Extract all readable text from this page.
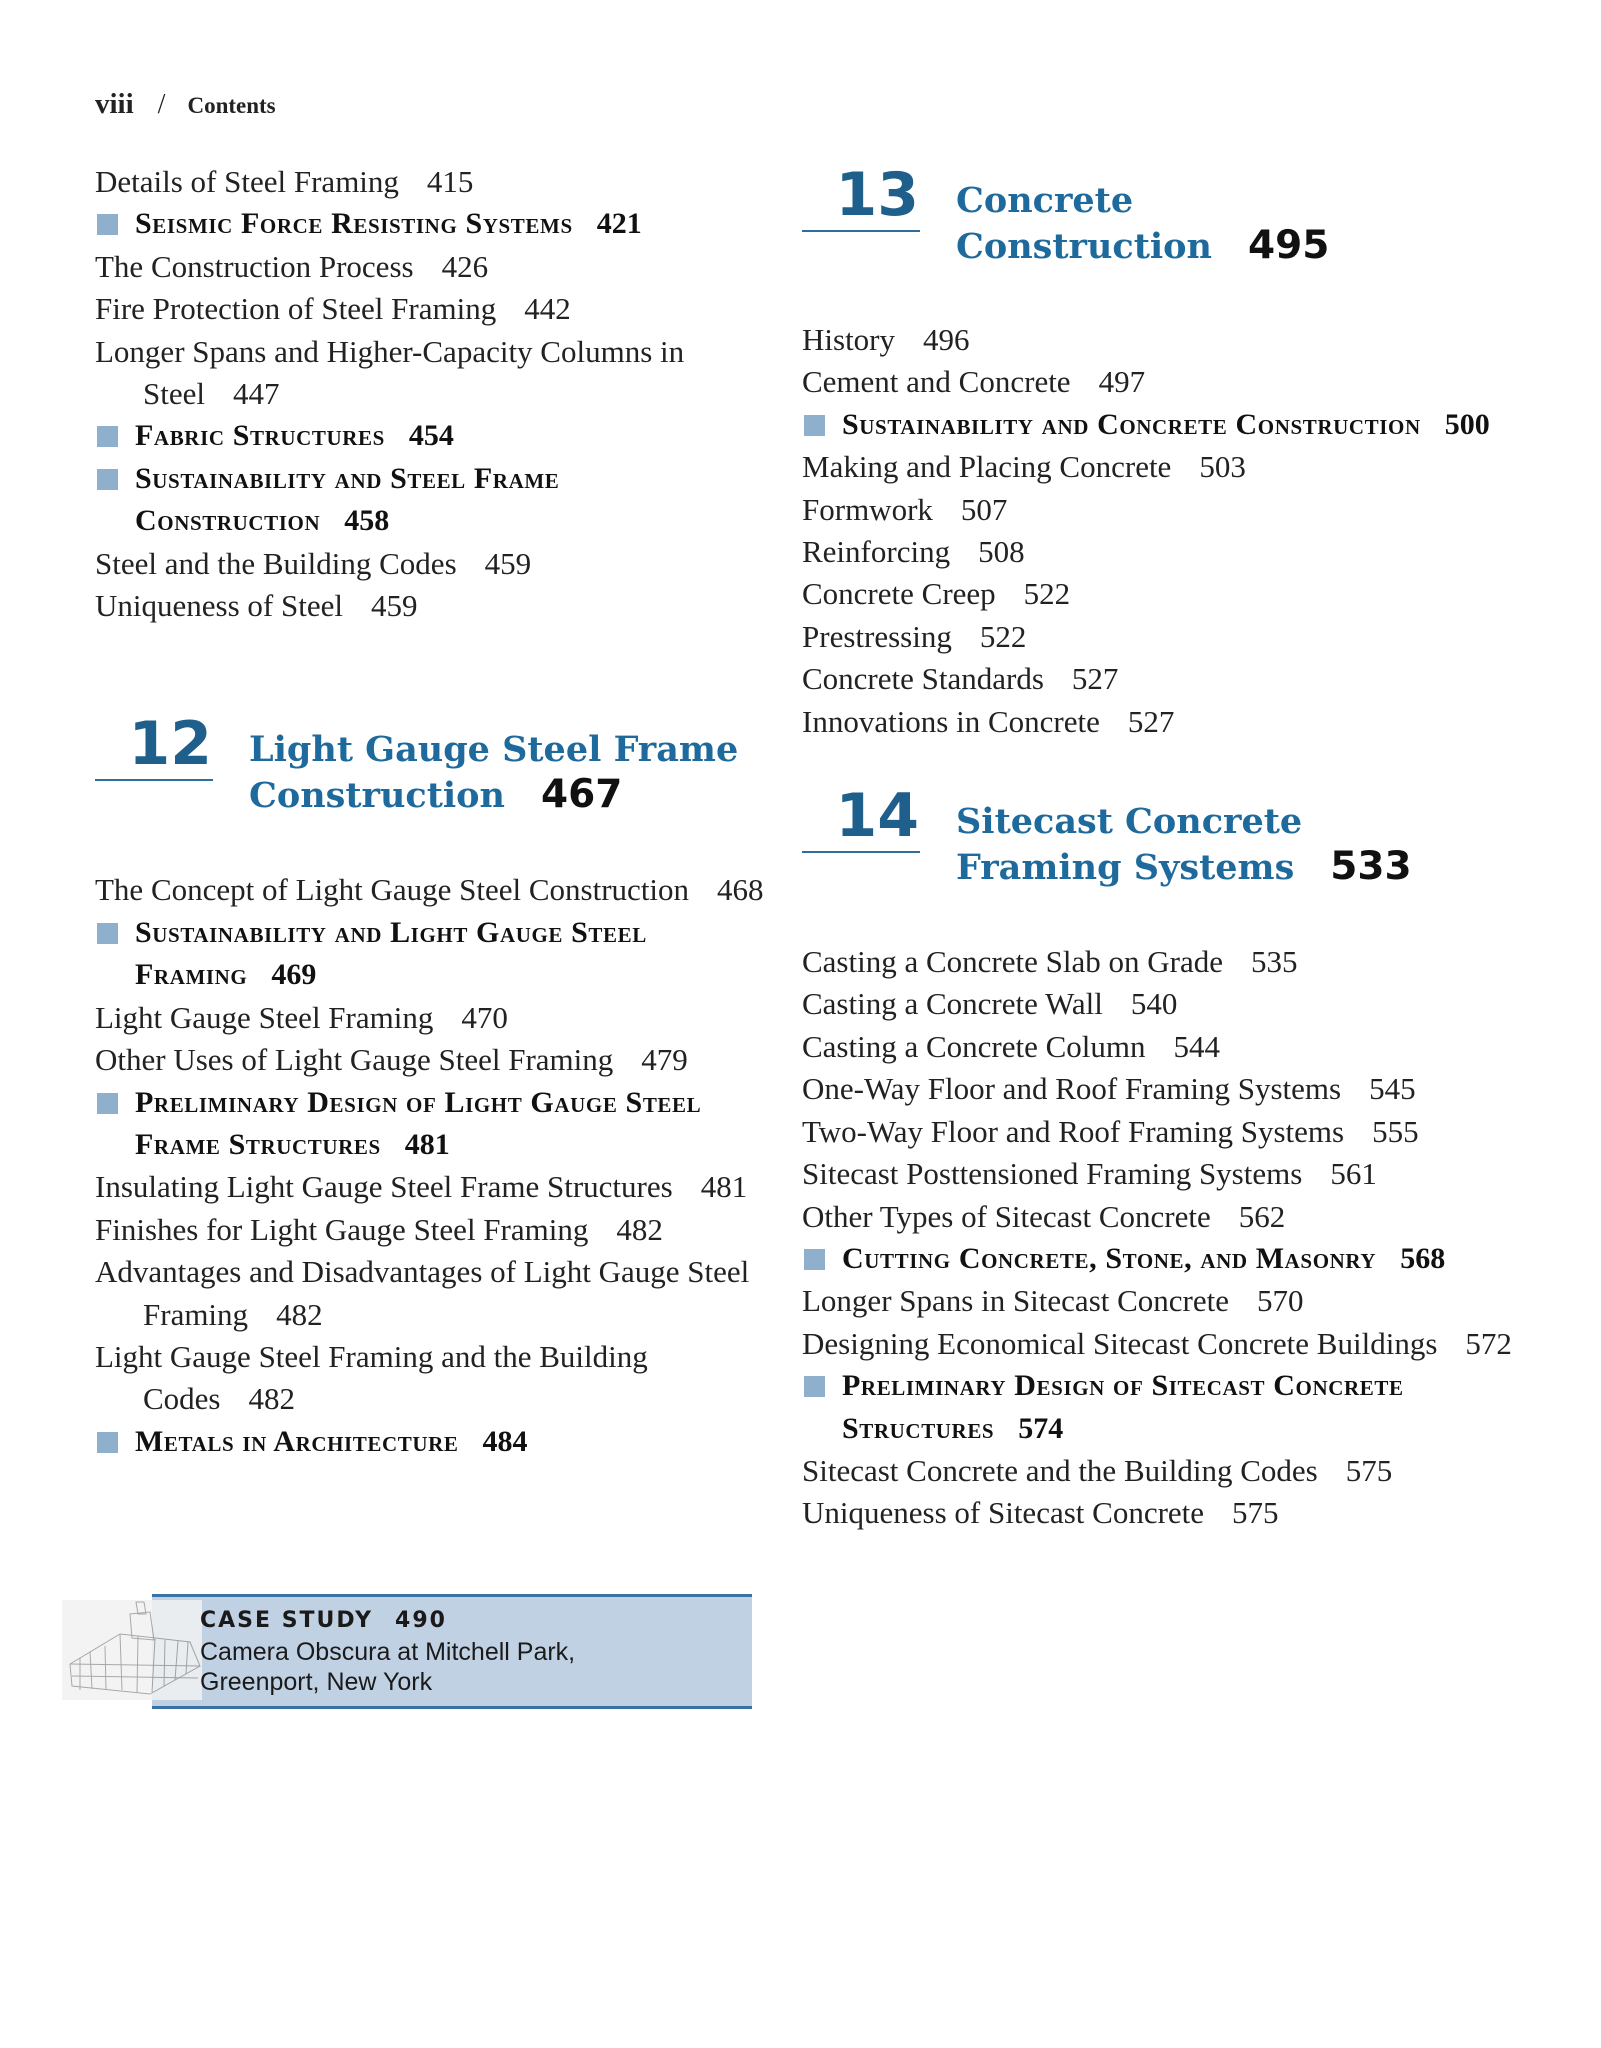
viii / Contents
Details of Steel Framing 415
Seismic Force Resisting Systems 421
The Construction Process 426
Fire Protection of Steel Framing 442
Longer Spans and Higher-Capacity Columns in Steel 447
Fabric Structures 454
Sustainability and Steel Frame Construction 458
Steel and the Building Codes 459
Uniqueness of Steel 459
12 Light Gauge Steel Frame
Construction 467
The Concept of Light Gauge Steel Construction 468
Sustainability and Light Gauge Steel Framing 469
Light Gauge Steel Framing 470
Other Uses of Light Gauge Steel Framing 479
Preliminary Design of Light Gauge Steel Frame Structures 481
Insulating Light Gauge Steel Frame Structures 481
Finishes for Light Gauge Steel Framing 482
Advantages and Disadvantages of Light Gauge Steel Framing 482
Light Gauge Steel Framing and the Building Codes 482
Metals in Architecture 484
CASE STUDY 490
Camera Obscura at Mitchell Park,
Greenport, New York
13 Concrete
Construction 495
History 496
Cement and Concrete 497
Sustainability and Concrete Construction 500
Making and Placing Concrete 503
Formwork 507
Reinforcing 508
Concrete Creep 522
Prestressing 522
Concrete Standards 527
Innovations in Concrete 527
14 Sitecast Concrete
Framing Systems 533
Casting a Concrete Slab on Grade 535
Casting a Concrete Wall 540
Casting a Concrete Column 544
One-Way Floor and Roof Framing Systems 545
Two-Way Floor and Roof Framing Systems 555
Sitecast Posttensioned Framing Systems 561
Other Types of Sitecast Concrete 562
Cutting Concrete, Stone, and Masonry 568
Longer Spans in Sitecast Concrete 570
Designing Economical Sitecast Concrete Buildings 572
Preliminary Design of Sitecast Concrete Structures 574
Sitecast Concrete and the Building Codes 575
Uniqueness of Sitecast Concrete 575
